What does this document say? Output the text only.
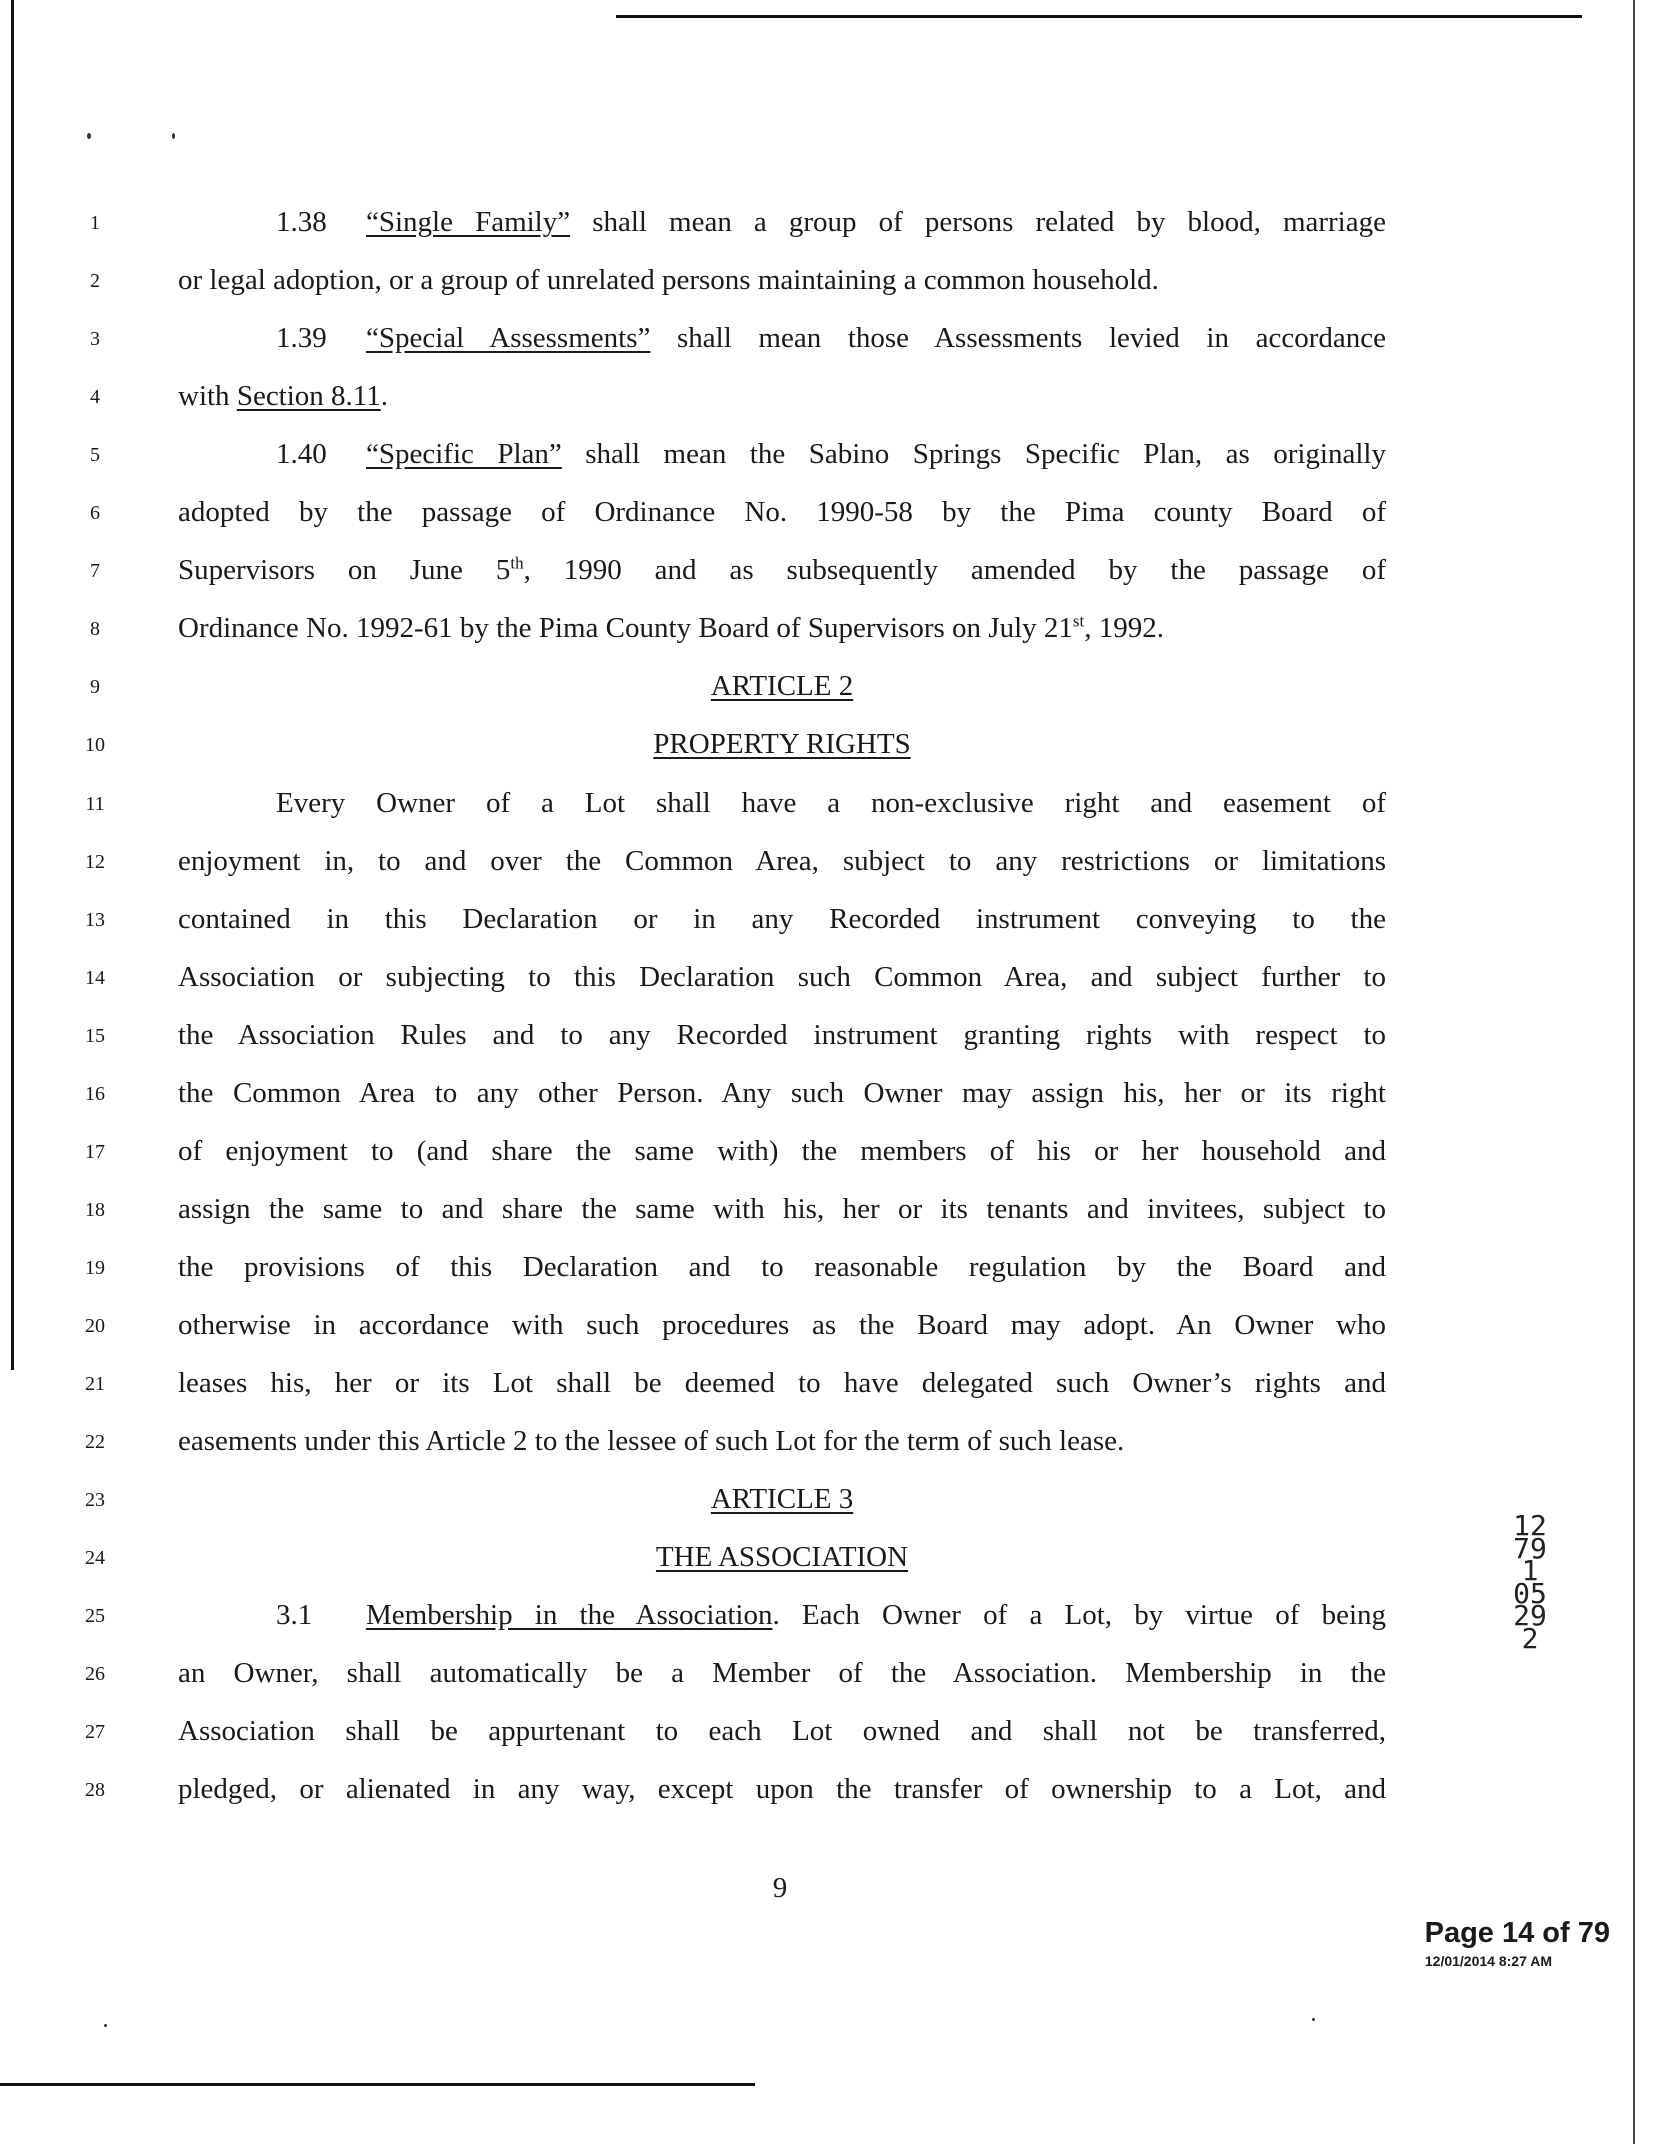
1	1.38 “Single Family” shall mean a group of persons related by blood, marriage
2	or legal adoption, or a group of unrelated persons maintaining a common household.
3	1.39 “Special Assessments” shall mean those Assessments levied in accordance
4	with Section 8.11.
5	1.40 “Specific Plan” shall mean the Sabino Springs Specific Plan, as originally
6	adopted by the passage of Ordinance No. 1990-58 by the Pima county Board of
7	Supervisors on June 5th, 1990 and as subsequently amended by the passage of
8	Ordinance No. 1992-61 by the Pima County Board of Supervisors on July 21st, 1992.
9	ARTICLE 2
10	PROPERTY RIGHTS
11	Every Owner of a Lot shall have a non-exclusive right and easement of
12	enjoyment in, to and over the Common Area, subject to any restrictions or limitations
13	contained in this Declaration or in any Recorded instrument conveying to the
14	Association or subjecting to this Declaration such Common Area, and subject further to
15	the Association Rules and to any Recorded instrument granting rights with respect to
16	the Common Area to any other Person. Any such Owner may assign his, her or its right
17	of enjoyment to (and share the same with) the members of his or her household and
18	assign the same to and share the same with his, her or its tenants and invitees, subject to
19	the provisions of this Declaration and to reasonable regulation by the Board and
20	otherwise in accordance with such procedures as the Board may adopt. An Owner who
21	leases his, her or its Lot shall be deemed to have delegated such Owner’s rights and
22	easements under this Article 2 to the lessee of such Lot for the term of such lease.
23	ARTICLE 3
24	THE ASSOCIATION
25	3.1 Membership in the Association. Each Owner of a Lot, by virtue of being
26	an Owner, shall automatically be a Member of the Association. Membership in the
27	Association shall be appurtenant to each Lot owned and shall not be transferred,
28	pledged, or alienated in any way, except upon the transfer of ownership to a Lot, and
9
Page 14 of 79
12/01/2014 8:27 AM
12791 05292
